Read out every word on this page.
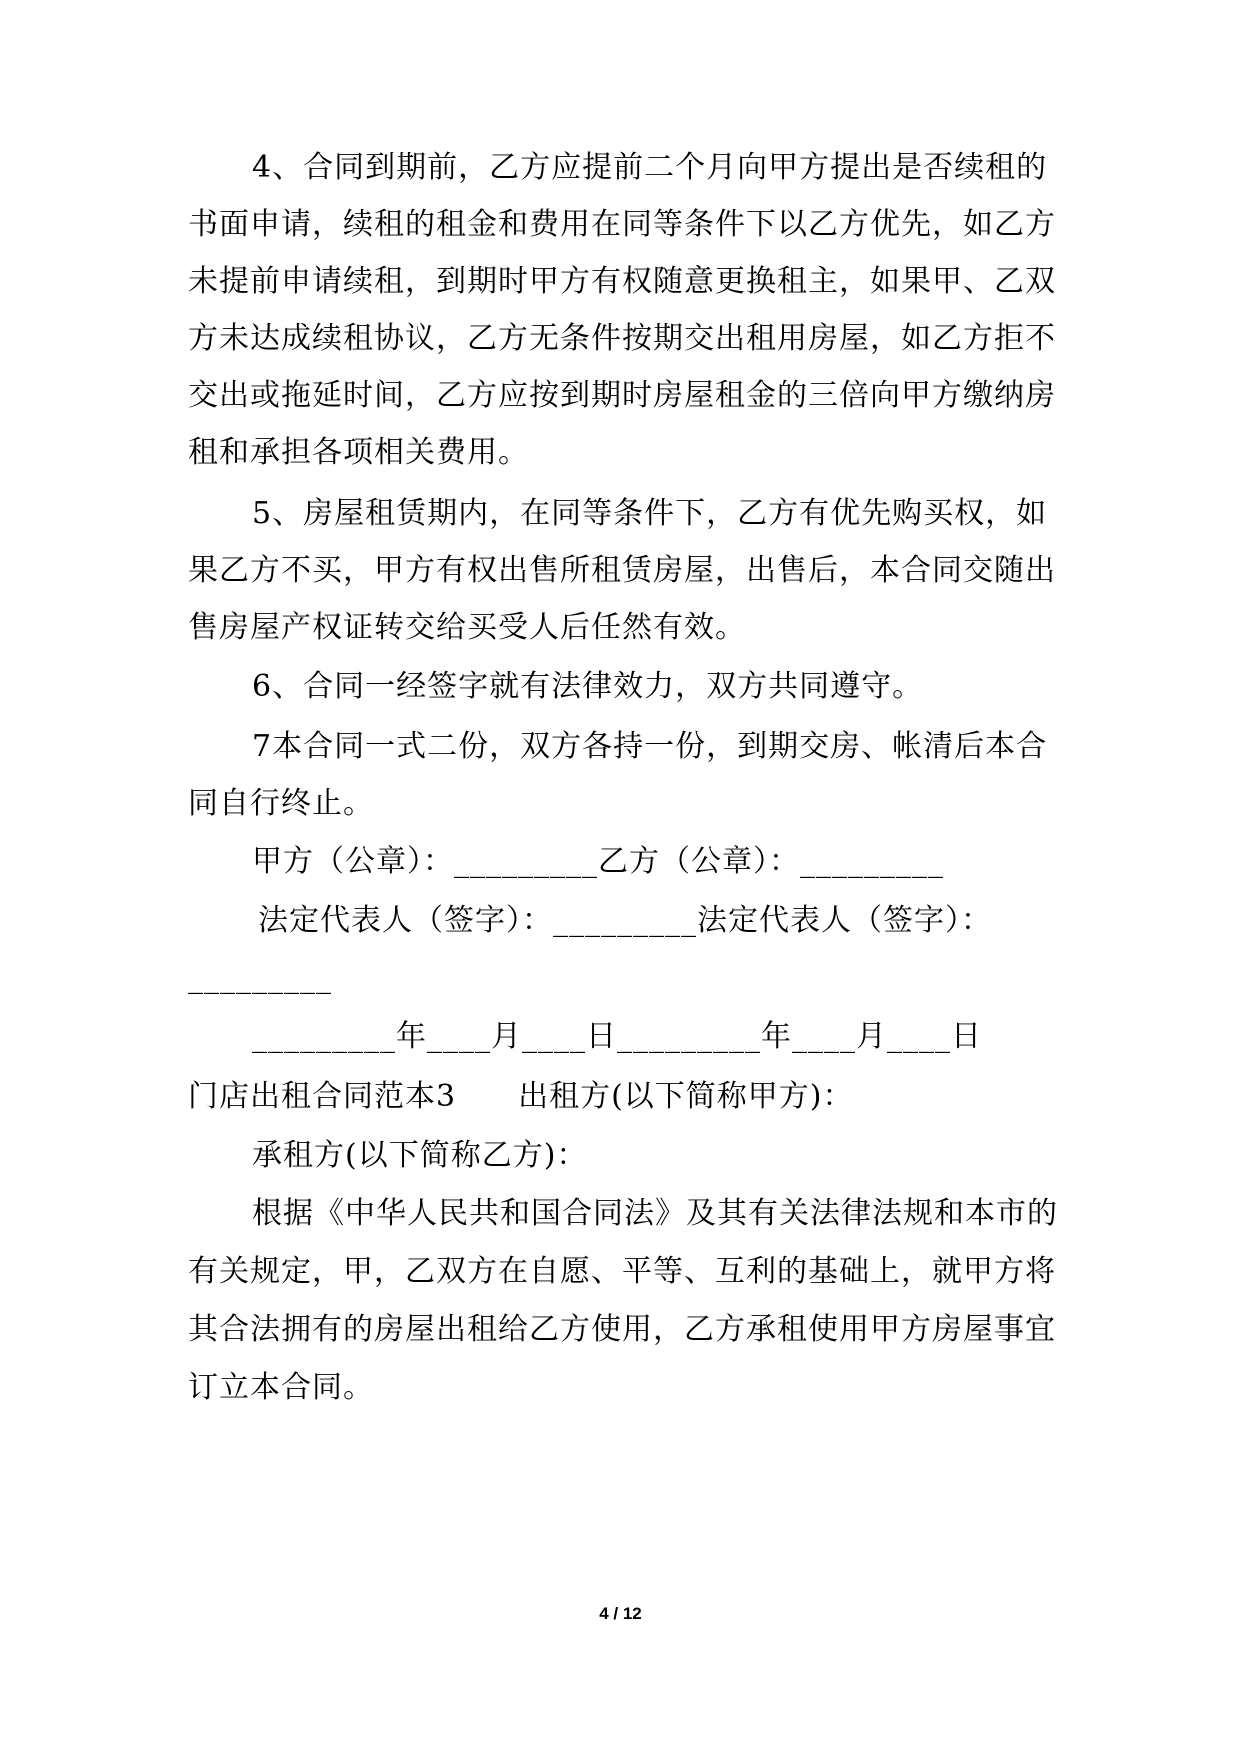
4、合同到期前，乙方应提前二个月向甲方提出是否续租的
书面申请，续租的租金和费用在同等条件下以乙方优先，如乙方
未提前申请续租，到期时甲方有权随意更换租主，如果甲、乙双
方未达成续租协议，乙方无条件按期交出租用房屋，如乙方拒不
交出或拖延时间，乙方应按到期时房屋租金的三倍向甲方缴纳房
租和承担各项相关费用。
5、房屋租赁期内，在同等条件下，乙方有优先购买权，如
果乙方不买，甲方有权出售所租赁房屋，出售后，本合同交随出
售房屋产权证转交给买受人后任然有效。
6、合同一经签字就有法律效力，双方共同遵守。
7本合同一式二份，双方各持一份，到期交房、帐清后本合
同自行终止。
甲方（公章）：_________乙方（公章）：_________
法定代表人（签字）：_________法定代表人（签字）：
_________
_________年____月____日_________年____月____日
门店出租合同范本3　　出租方(以下简称甲方)：
承租方(以下简称乙方)：
根据《中华人民共和国合同法》及其有关法律法规和本市的
有关规定，甲，乙双方在自愿、平等、互利的基础上，就甲方将
其合法拥有的房屋出租给乙方使用，乙方承租使用甲方房屋事宜
订立本合同。
4 / 12
